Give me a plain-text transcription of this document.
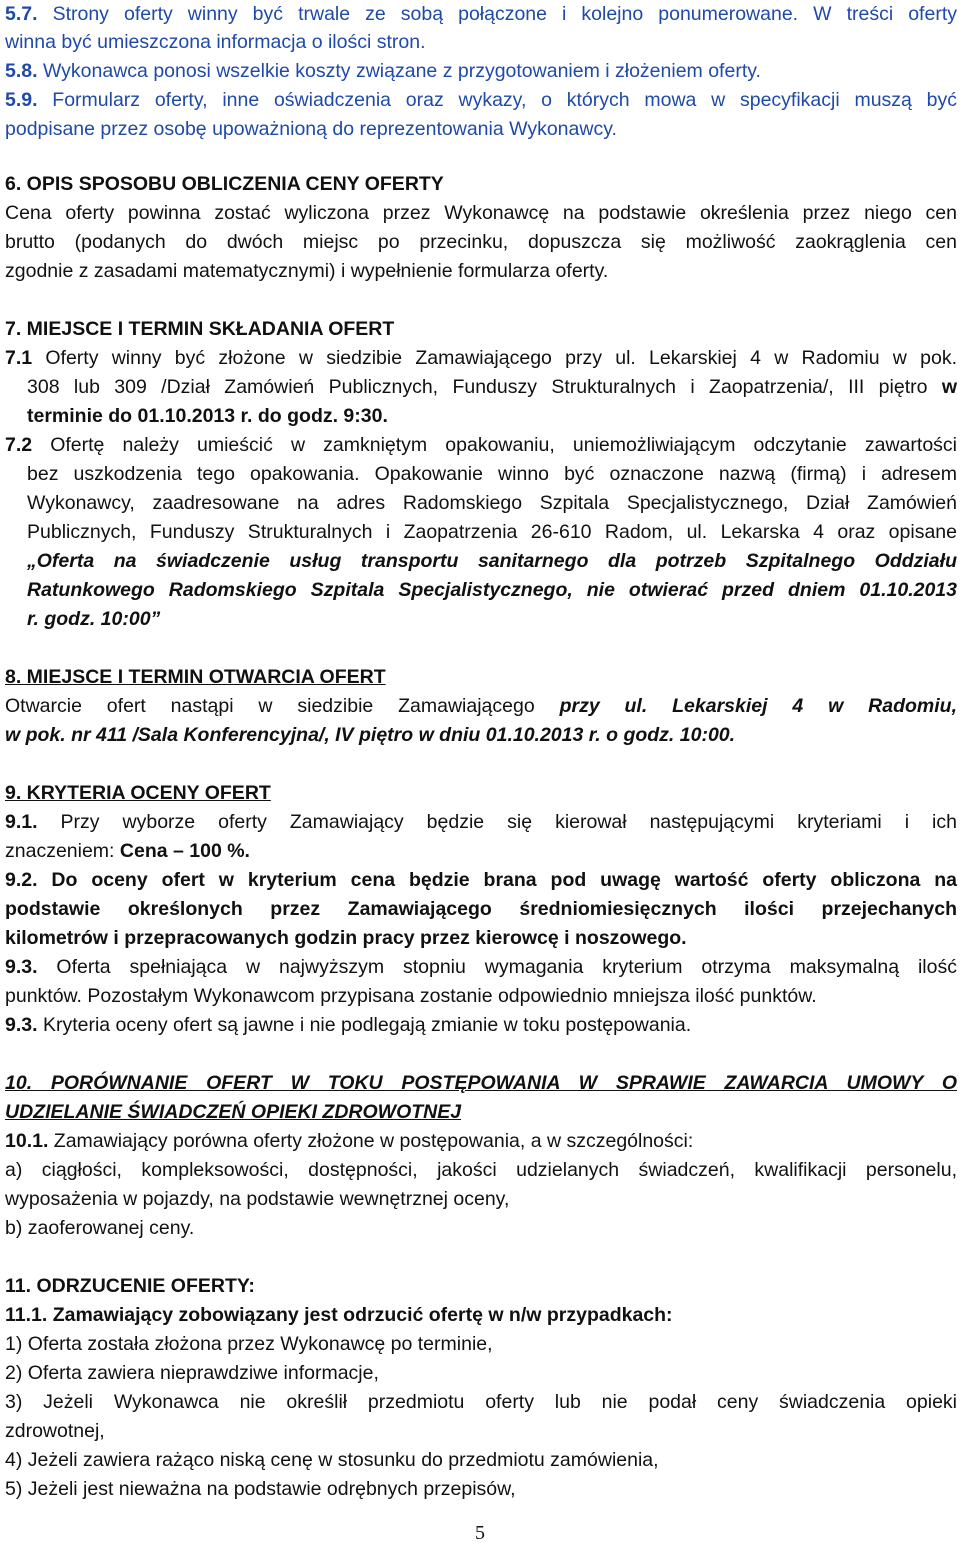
5.7. Strony oferty winny być trwale ze sobą połączone i kolejno ponumerowane. W treści oferty
winna być umieszczona informacja o ilości stron.
5.8. Wykonawca ponosi wszelkie koszty związane z przygotowaniem i złożeniem oferty.
5.9. Formularz oferty, inne oświadczenia oraz wykazy, o których mowa w specyfikacji muszą być
podpisane przez osobę upoważnioną do reprezentowania Wykonawcy.
6. OPIS SPOSOBU OBLICZENIA CENY OFERTY
Cena oferty powinna zostać wyliczona przez Wykonawcę na podstawie określenia przez niego cen
brutto (podanych do dwóch miejsc po przecinku, dopuszcza się możliwość zaokrąglenia cen
zgodnie z zasadami matematycznymi) i wypełnienie formularza oferty.
7. MIEJSCE I TERMIN SKŁADANIA OFERT
7.1 Oferty winny być złożone w siedzibie Zamawiającego przy ul. Lekarskiej 4 w Radomiu w pok.
308 lub 309 /Dział Zamówień Publicznych, Funduszy Strukturalnych i Zaopatrzenia/, III piętro w
terminie do 01.10.2013 r. do godz. 9:30.
7.2 Ofertę należy umieścić w zamkniętym opakowaniu, uniemożliwiającym odczytanie zawartości
bez uszkodzenia tego opakowania. Opakowanie winno być oznaczone nazwą (firmą) i adresem
Wykonawcy, zaadresowane na adres Radomskiego Szpitala Specjalistycznego, Dział Zamówień
Publicznych, Funduszy Strukturalnych i Zaopatrzenia 26-610 Radom, ul. Lekarska 4 oraz opisane
„Oferta na świadczenie usług transportu sanitarnego dla potrzeb Szpitalnego Oddziału
Ratunkowego Radomskiego Szpitala Specjalistycznego, nie otwierać przed dniem 01.10.2013
r. godz. 10:00”
8. MIEJSCE I TERMIN OTWARCIA OFERT
Otwarcie ofert nastąpi w siedzibie Zamawiającego przy ul. Lekarskiej 4 w Radomiu,
w pok. nr 411 /Sala Konferencyjna/, IV piętro w dniu 01.10.2013 r. o godz. 10:00.
9. KRYTERIA OCENY OFERT
9.1. Przy wyborze oferty Zamawiający będzie się kierował następującymi kryteriami i ich
znaczeniem: Cena – 100 %.
9.2. Do oceny ofert w kryterium cena będzie brana pod uwagę wartość oferty obliczona na
podstawie określonych przez Zamawiającego średniomiesięcznych ilości przejechanych
kilometrów i przepracowanych godzin pracy przez kierowcę i noszowego.
9.3. Oferta spełniająca w najwyższym stopniu wymagania kryterium otrzyma maksymalną ilość
punktów. Pozostałym Wykonawcom przypisana zostanie odpowiednio mniejsza ilość punktów.
9.3. Kryteria oceny ofert są jawne i nie podlegają zmianie w toku postępowania.
10. PORÓWNANIE OFERT W TOKU POSTĘPOWANIA W SPRAWIE ZAWARCIA UMOWY O
UDZIELANIE ŚWIADCZEŃ OPIEKI ZDROWOTNEJ
10.1. Zamawiający porówna oferty złożone w postępowania, a w szczególności:
a) ciągłości, kompleksowości, dostępności, jakości udzielanych świadczeń, kwalifikacji personelu,
wyposażenia w pojazdy, na podstawie wewnętrznej oceny,
b) zaoferowanej ceny.
11. ODRZUCENIE OFERTY:
11.1. Zamawiający zobowiązany jest odrzucić ofertę w n/w przypadkach:
1) Oferta została złożona przez Wykonawcę po terminie,
2) Oferta zawiera nieprawdziwe informacje,
3) Jeżeli Wykonawca nie określił przedmiotu oferty lub nie podał ceny świadczenia opieki
zdrowotnej,
4) Jeżeli zawiera rażąco niską cenę w stosunku do przedmiotu zamówienia,
5) Jeżeli jest nieważna na podstawie odrębnych przepisów,
5
